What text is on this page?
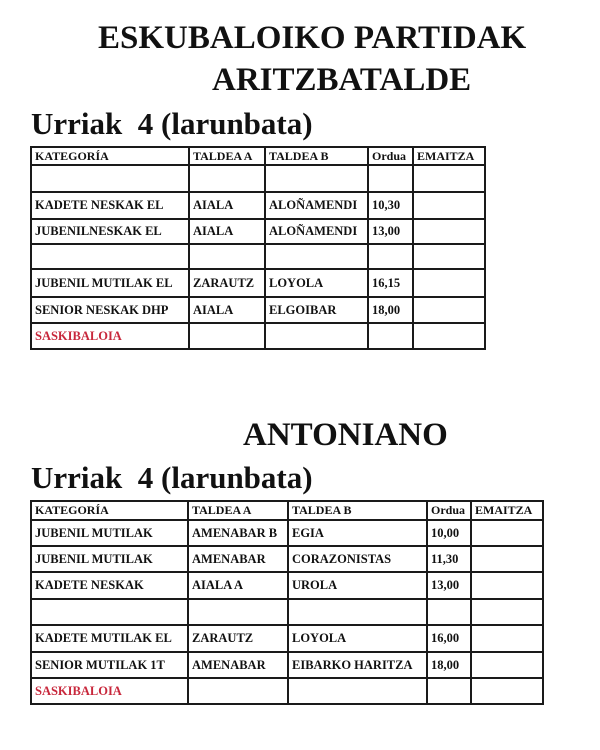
ESKUBALOIKO PARTIDAK
ARITZBATALDE
Urriak  4 (larunbata)
KATEGORÍA	TALDEA A	TALDEA B	Ordua	EMAITZA

KADETE NESKAK EL	AIALA	ALOÑAMENDI	10,30	
JUBENILNESKAK EL	AIALA	ALOÑAMENDI	13,00	

JUBENIL MUTILAK EL	ZARAUTZ	LOYOLA	16,15	
SENIOR NESKAK DHP	AIALA	ELGOIBAR	18,00	
SASKIBALOIA				
ANTONIANO
Urriak  4 (larunbata)
KATEGORÍA	TALDEA A	TALDEA B	Ordua	EMAITZA
JUBENIL MUTILAK	AMENABAR B	EGIA	10,00	
JUBENIL MUTILAK	AMENABAR	CORAZONISTAS	11,30	
KADETE NESKAK	AIALA A	UROLA	13,00	

KADETE MUTILAK EL	ZARAUTZ	LOYOLA	16,00	
SENIOR MUTILAK 1T	AMENABAR	EIBARKO HARITZA	18,00	
SASKIBALOIA				
